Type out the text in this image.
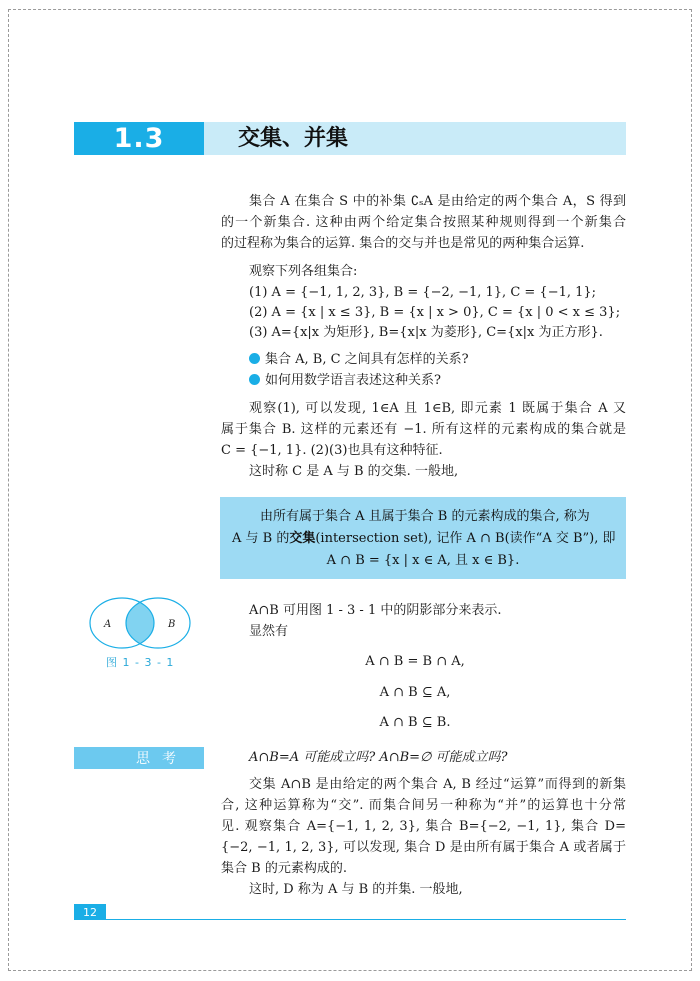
1.3	交集、并集
集合 A 在集合 S 中的补集 ∁ₛA 是由给定的两个集合 A，S 得到
的一个新集合. 这种由两个给定集合按照某种规则得到一个新集合
的过程称为集合的运算. 集合的交与并也是常见的两种集合运算.
观察下列各组集合:
(1) A = {−1, 1, 2, 3}, B = {−2, −1, 1}, C = {−1, 1};
(2) A = {x | x ≤ 3}, B = {x | x > 0}, C = {x | 0 < x ≤ 3};
(3) A={x|x 为矩形}, B={x|x 为菱形}, C={x|x 为正方形}.
集合 A, B, C 之间具有怎样的关系?
如何用数学语言表述这种关系?
观察(1), 可以发现, 1∈A 且 1∈B, 即元素 1 既属于集合 A 又
属于集合 B. 这样的元素还有 −1. 所有这样的元素构成的集合就是
C = {−1, 1}. (2)(3)也具有这种特征.
这时称 C 是 A 与 B 的交集. 一般地,
由所有属于集合 A 且属于集合 B 的元素构成的集合, 称为
A 与 B 的交集(intersection set), 记作 A ∩ B(读作“A 交 B”), 即
A ∩ B = {x | x ∈ A, 且 x ∈ B}.
A	B
图 1 - 3 - 1
A∩B 可用图 1 - 3 - 1 中的阴影部分来表示.
显然有
A ∩ B = B ∩ A,
A ∩ B ⊆ A,
A ∩ B ⊆ B.
思考	A∩B=A 可能成立吗? A∩B=∅ 可能成立吗?
交集 A∩B 是由给定的两个集合 A, B 经过“运算”而得到的新集
合, 这种运算称为“交”. 而集合间另一种称为“并”的运算也十分常
见. 观察集合 A={−1, 1, 2, 3}, 集合 B={−2, −1, 1}, 集合 D=
{−2, −1, 1, 2, 3}, 可以发现, 集合 D 是由所有属于集合 A 或者属于
集合 B 的元素构成的.
这时, D 称为 A 与 B 的并集. 一般地,
12
